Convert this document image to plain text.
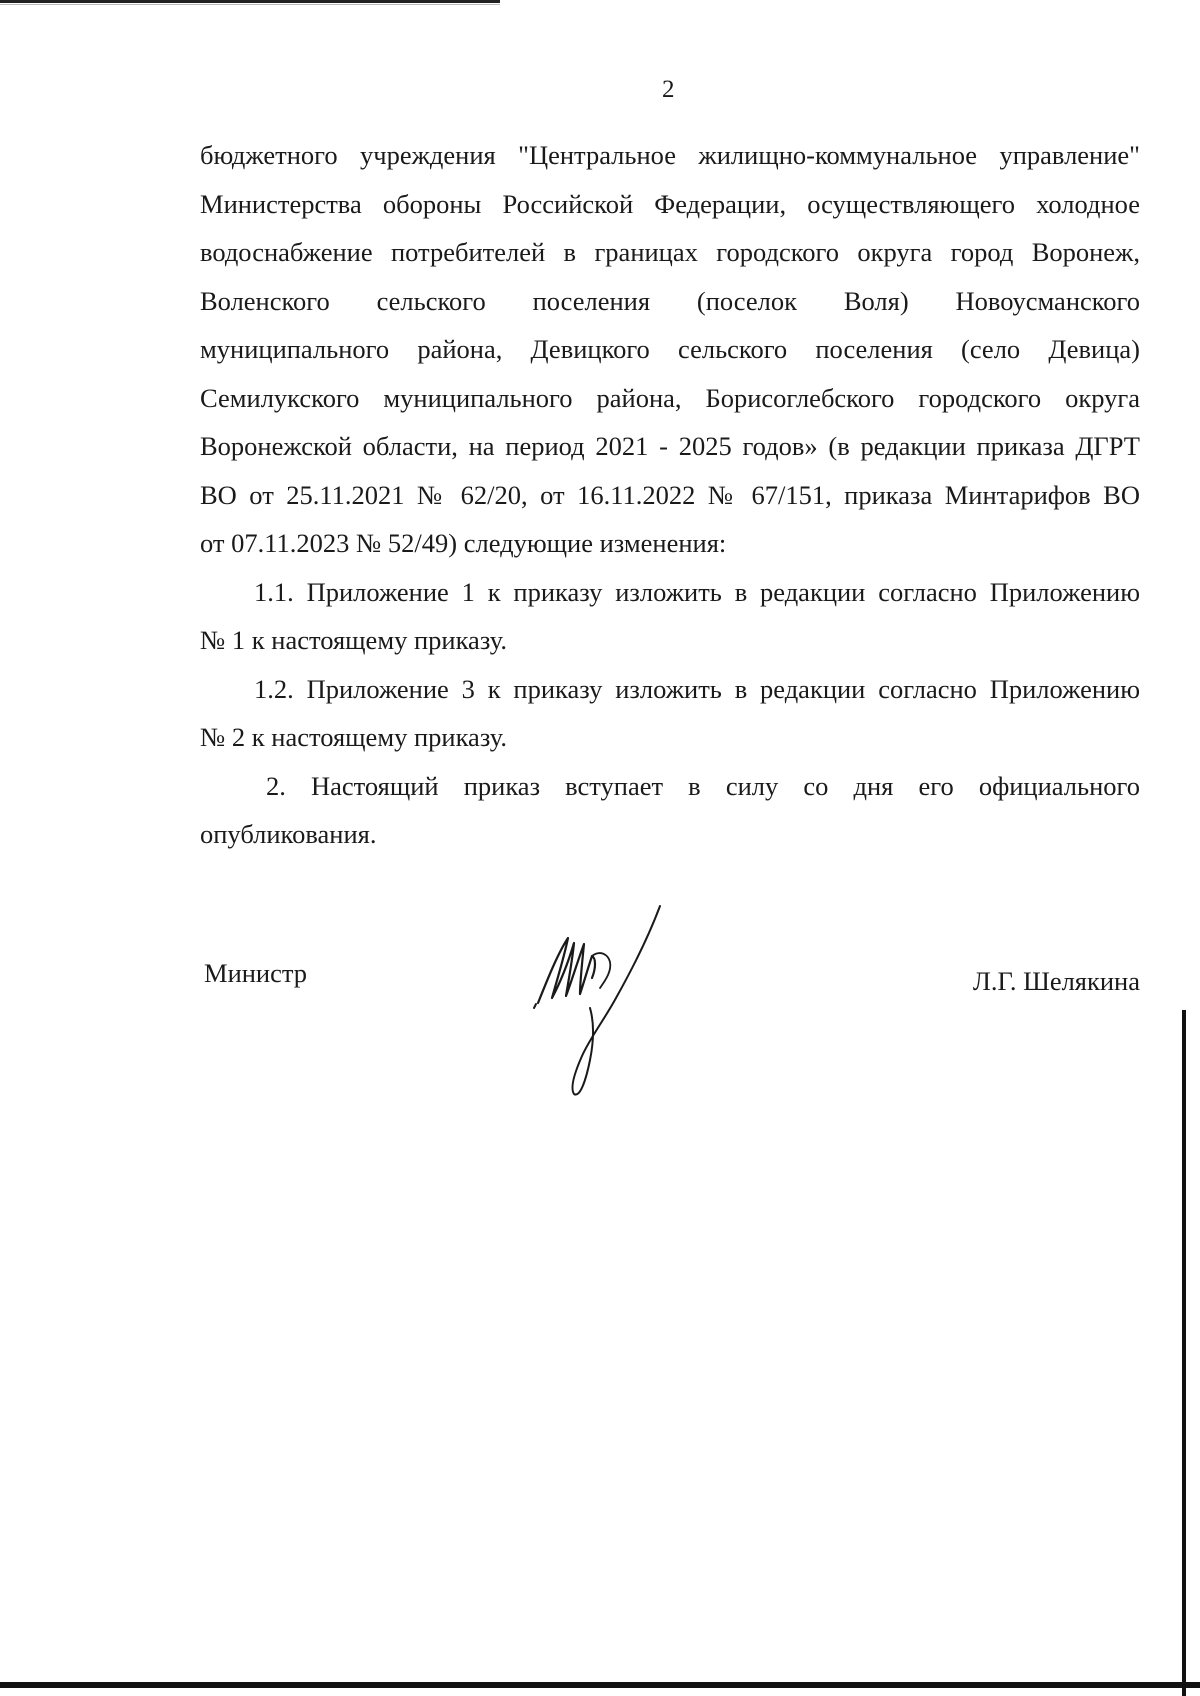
2
бюджетного учреждения "Центральное жилищно-коммунальное управление"
Министерства обороны Российской Федерации, осуществляющего холодное
водоснабжение потребителей в границах городского округа город Воронеж,
Воленского сельского поселения (поселок Воля) Новоусманского
муниципального района, Девицкого сельского поселения (село Девица)
Семилукского муниципального района, Борисоглебского городского округа
Воронежской области, на период 2021 - 2025 годов» (в редакции приказа ДГРТ
ВО от 25.11.2021 № 62/20, от 16.11.2022 № 67/151, приказа Минтарифов ВО
от 07.11.2023 № 52/49) следующие изменения:
1.1. Приложение 1 к приказу изложить в редакции согласно Приложению
№ 1 к настоящему приказу.
1.2. Приложение 3 к приказу изложить в редакции согласно Приложению
№ 2 к настоящему приказу.
2. Настоящий приказ вступает в силу со дня его официального
опубликования.
Министр	Л.Г. Шелякина
